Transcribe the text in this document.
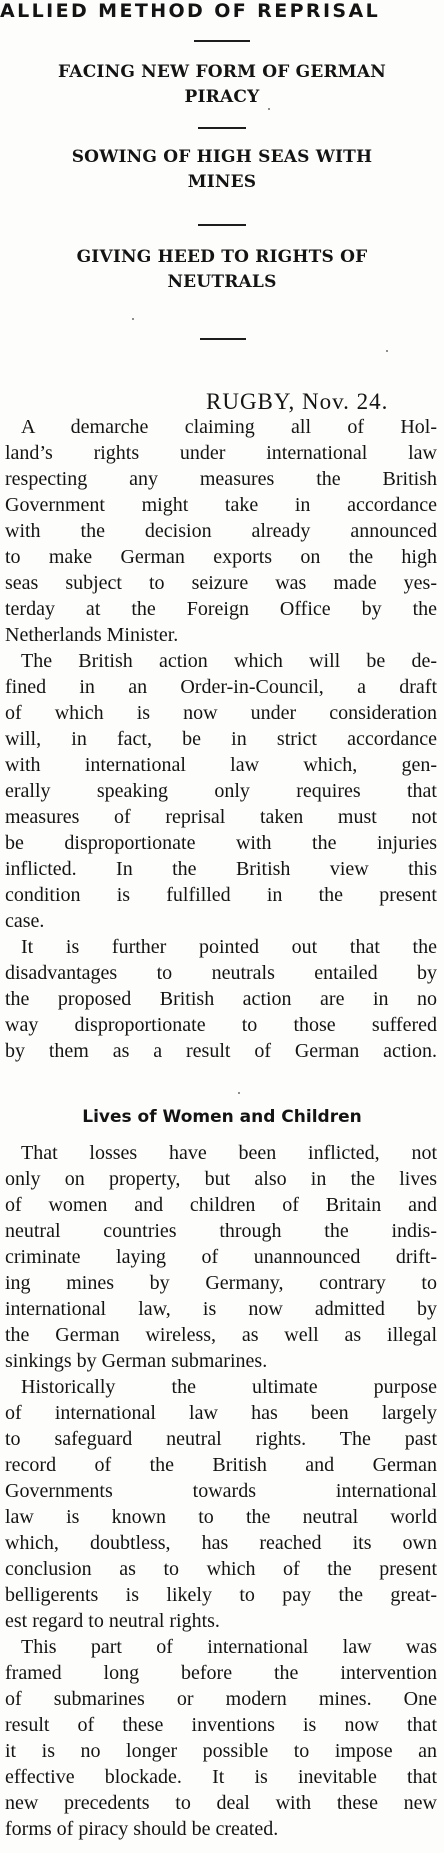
ALLIED METHOD OF REPRISAL
FACING NEW FORM OF GERMAN
PIRACY
SOWING OF HIGH SEAS WITH
MINES
GIVING HEED TO RIGHTS OF
NEUTRALS
RUGBY, Nov. 24.
A demarche claiming all of Hol-
land’s rights under international law
respecting any measures the British
Government might take in accordance
with the decision already announced
to make German exports on the high
seas subject to seizure was made yes-
terday at the Foreign Office by the
Netherlands Minister.
The British action which will be de-
fined in an Order-in-Council, a draft
of which is now under consideration
will, in fact, be in strict accordance
with international law which, gen-
erally speaking only requires that
measures of reprisal taken must not
be disproportionate with the injuries
inflicted. In the British view this
condition is fulfilled in the present
case.
It is further pointed out that the
disadvantages to neutrals entailed by
the proposed British action are in no
way disproportionate to those suffered
by them as a result of German action.
Lives of Women and Children
That losses have been inflicted, not
only on property, but also in the lives
of women and children of Britain and
neutral countries through the indis-
criminate laying of unannounced drift-
ing mines by Germany, contrary to
international law, is now admitted by
the German wireless, as well as illegal
sinkings by German submarines.
Historically the ultimate purpose
of international law has been largely
to safeguard neutral rights. The past
record of the British and German
Governments towards international
law is known to the neutral world
which, doubtless, has reached its own
conclusion as to which of the present
belligerents is likely to pay the great-
est regard to neutral rights.
This part of international law was
framed long before the intervention
of submarines or modern mines. One
result of these inventions is now that
it is no longer possible to impose an
effective blockade. It is inevitable that
new precedents to deal with these new
forms of piracy should be created.
